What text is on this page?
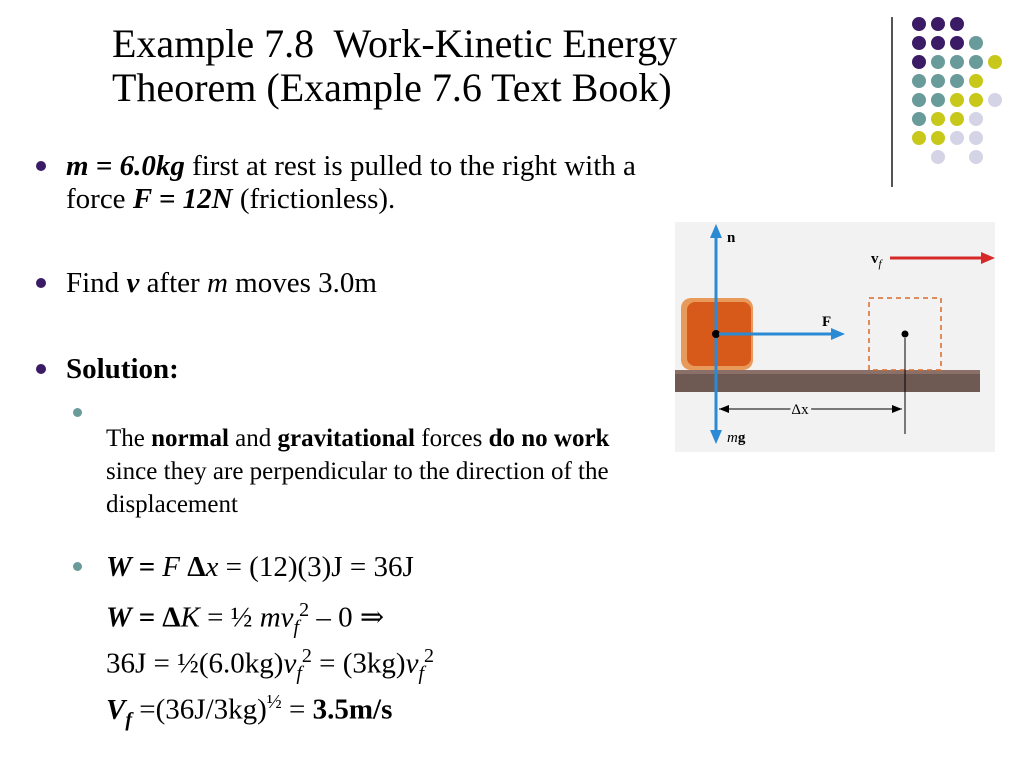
Example 7.8  Work-Kinetic Energy
Theorem (Example 7.6 Text Book)

m = 6.0kg first at rest is pulled to the right with a force F = 12N (frictionless).

Find v after m moves 3.0m

Solution:

The normal and gravitational forces do no work since they are perpendicular to the direction of the displacement

W = F Δx = (12)(3)J = 36J
W = ΔK = ½ $mv_f^2 - 0$ ⇒
$36J = \frac{1}{2}(6.0kg)v_f^2 = (3kg)v_f^2$
$V_f =(36J/3kg)^{\frac{1}{2}} = 3.5m/s$
n
mg
F
$v_f$
Δx
